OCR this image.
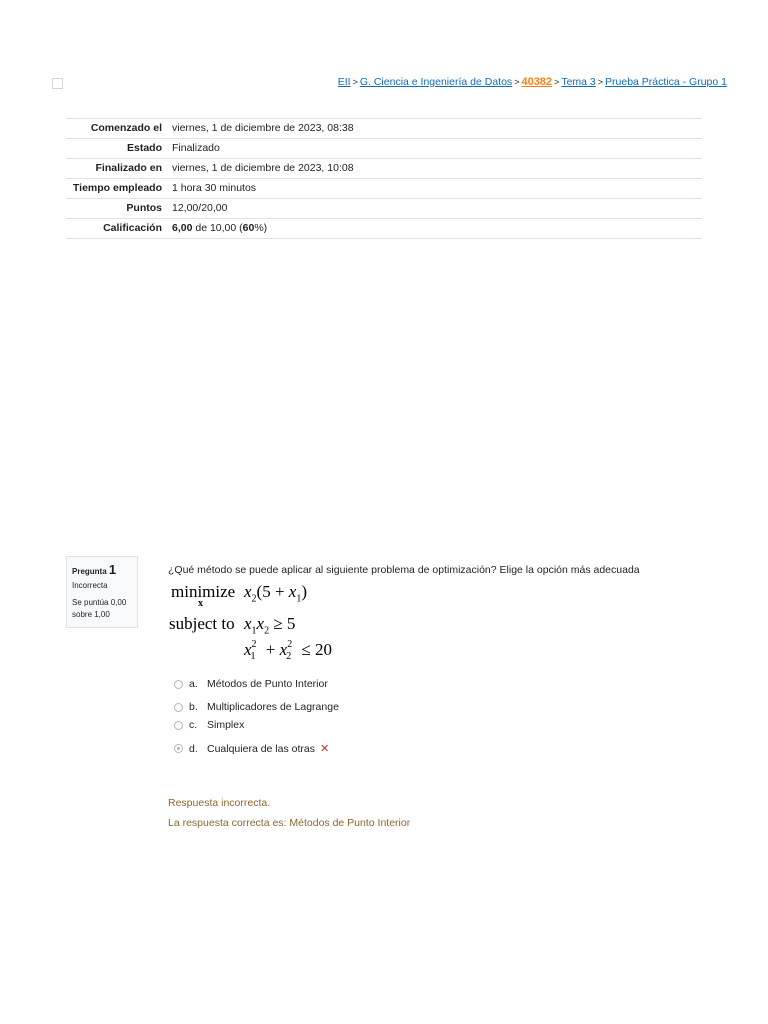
EII > G. Ciencia e Ingeniería de Datos > 40382 > Tema 3 > Prueba Práctica - Grupo 1
Comenzado el	viernes, 1 de diciembre de 2023, 08:38
Estado	Finalizado
Finalizado en	viernes, 1 de diciembre de 2023, 10:08
Tiempo empleado	1 hora 30 minutos
Puntos	12,00/20,00
Calificación	6,00 de 10,00 (60%)
Pregunta 1
Incorrecta
Se puntúa 0,00 sobre 1,00
¿Qué método se puede aplicar al siguiente problema de optimización? Elige la opción más adecuada
minimize
x
$x_2(5 + x_1)$
subject to $x_1x_2 \ge 5$
$x_{21} + x_{22} \le 20$
a. Métodos de Punto Interior
b. Multiplicadores de Lagrange
c. Simplex
d. Cualquiera de las otras ✕
Respuesta incorrecta.
La respuesta correcta es: Métodos de Punto Interior
